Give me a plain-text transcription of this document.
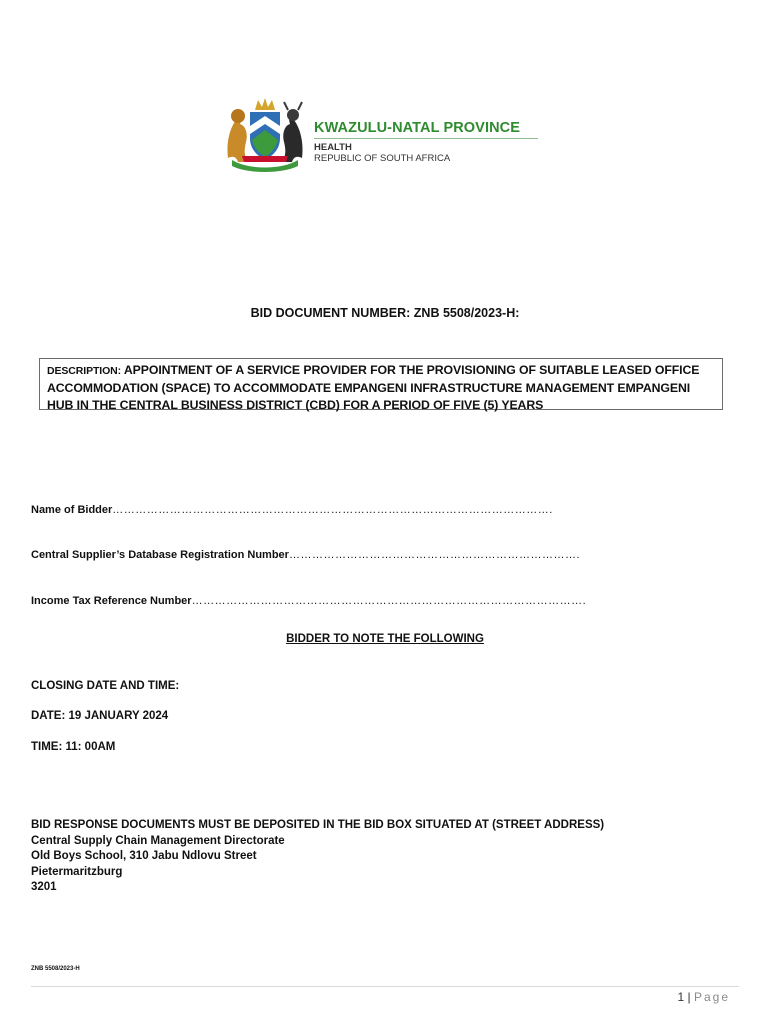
KWAZULU-NATAL PROVINCE
HEALTH
REPUBLIC OF SOUTH AFRICA
BID DOCUMENT NUMBER: ZNB 5508/2023-H:
DESCRIPTION: APPOINTMENT OF A SERVICE PROVIDER FOR THE PROVISIONING OF SUITABLE LEASED OFFICE ACCOMMODATION (SPACE) TO ACCOMMODATE EMPANGENI INFRASTRUCTURE MANAGEMENT EMPANGENI HUB IN THE CENTRAL BUSINESS DISTRICT (CBD) FOR A PERIOD OF FIVE (5) YEARS
Name of Bidder…………………………………………………………………………………………………….
Central Supplier’s Database Registration Number………………………………………………………………….
Income Tax Reference Number………………………………………………………………………………………….
BIDDER TO NOTE THE FOLLOWING
CLOSING DATE AND TIME:
DATE: 19 JANUARY 2024
TIME: 11: 00AM
BID RESPONSE DOCUMENTS MUST BE DEPOSITED IN THE BID BOX SITUATED AT (STREET ADDRESS)
Central Supply Chain Management Directorate
Old Boys School, 310 Jabu Ndlovu Street
Pietermaritzburg
3201
ZNB 5508/2023-H
1 | Page
